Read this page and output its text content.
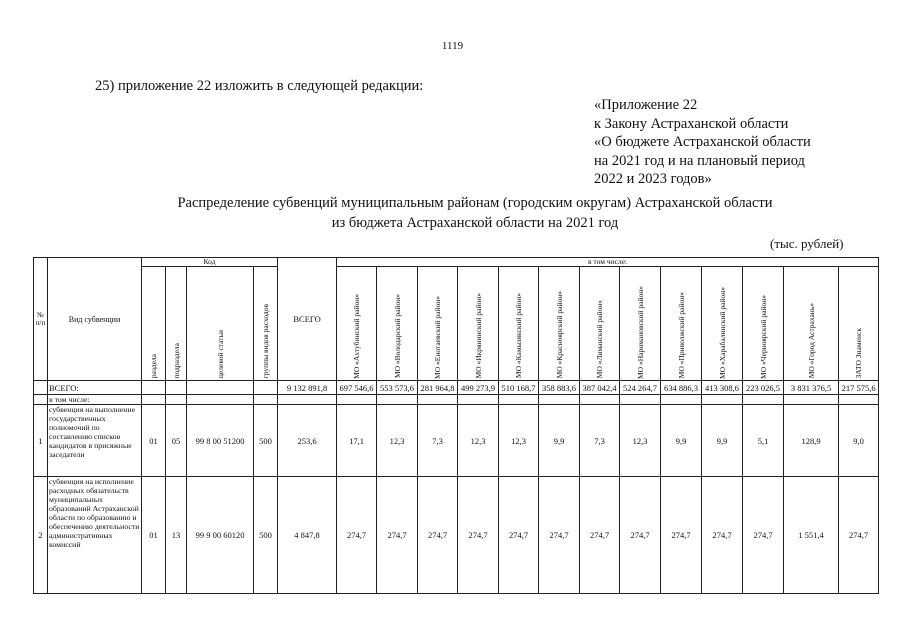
1119
25) приложение 22 изложить в следующей редакции:
«Приложение 22
к Закону Астраханской области
«О бюджете Астраханской области
на 2021 год и на плановый период
2022 и 2023 годов»
Распределение субвенций муниципальным районам (городским округам) Астраханской области
из бюджета Астраханской области на 2021 год
(тыс. рублей)
№ п/п	Вид субвенции	Код				ВСЕГО	в том числе:												

		раздела	подраздела	целевой статьи	группы видов расходов		МО «Ахтубинский район»	МО «Володарский район»	МО «Енотаевский район»	МО «Икрянинский район»	МО «Камызякский район»	МО «Красноярский район»	МО «Лиманский район»	МО «Наримановский район»	МО «Приволжский район»	МО «Харабалинский район»	МО «Черноярский район»	МО «Город Астрахань»	ЗАТО Знаменск

	ВСЕГО:					9 132 891,8	697 546,6	553 573,6	281 964,8	499 273,9	510 168,7	358 883,6	387 042,4	524 264,7	634 886,3	413 308,6	223 026,5	3 831 376,5	217 575,6
	в том числе:																		
1	субвенция на выполнение государственных полномочий по составлению списков кандидатов в присяжные заседатели	01	05	99 8 00 51200	500	253,6	17,1	12,3	7,3	12,3	12,3	9,9	7,3	12,3	9,9	9,9	5,1	128,9	9,0
2	субвенция на исполнение расходных обязательств муниципальных образований Астраханской области по образованию и обеспечению деятельности административных комиссий	01	13	99 9 00 60120	500	4 847,8	274,7	274,7	274,7	274,7	274,7	274,7	274,7	274,7	274,7	274,7	274,7	1 551,4	274,7
